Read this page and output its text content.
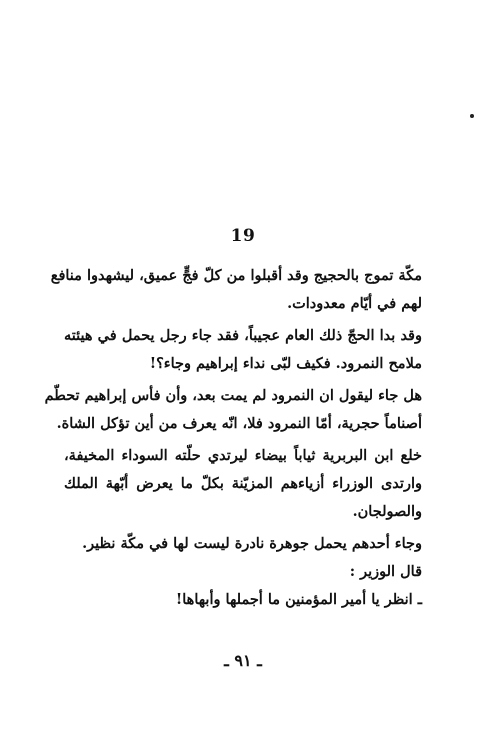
19
مكّة تموج بالحجيج وقد أقبلوا من كلّ فجٍّ عميق، ليشهدوا منافع
لهم في أيّام معدودات.
وقد بدا الحجّ ذلك العام عجيباً، فقد جاء رجل يحمل في هيئته
ملامح النمرود. فكيف لبّى نداء إبراهيم وجاء؟!
هل جاء ليقول ان النمرود لم يمت بعد، وأن فأس إبراهيم تحطّم
أصناماً حجرية، أمّا النمرود فلا، انّه يعرف من أين تؤكل الشاة.
خلع ابن البربرية ثياباً بيضاء ليرتدي حلّته السوداء المخيفة،
وارتدى الوزراء أزياءهم المزيّنة بكلّ ما يعرض أبّهة الملك
والصولجان.
وجاء أحدهم يحمل جوهرة نادرة ليست لها في مكّة نظير.
قال الوزير :
ـ انظر يا أمير المؤمنين ما أجملها وأبهاها!
ـ ٩١ ـ
